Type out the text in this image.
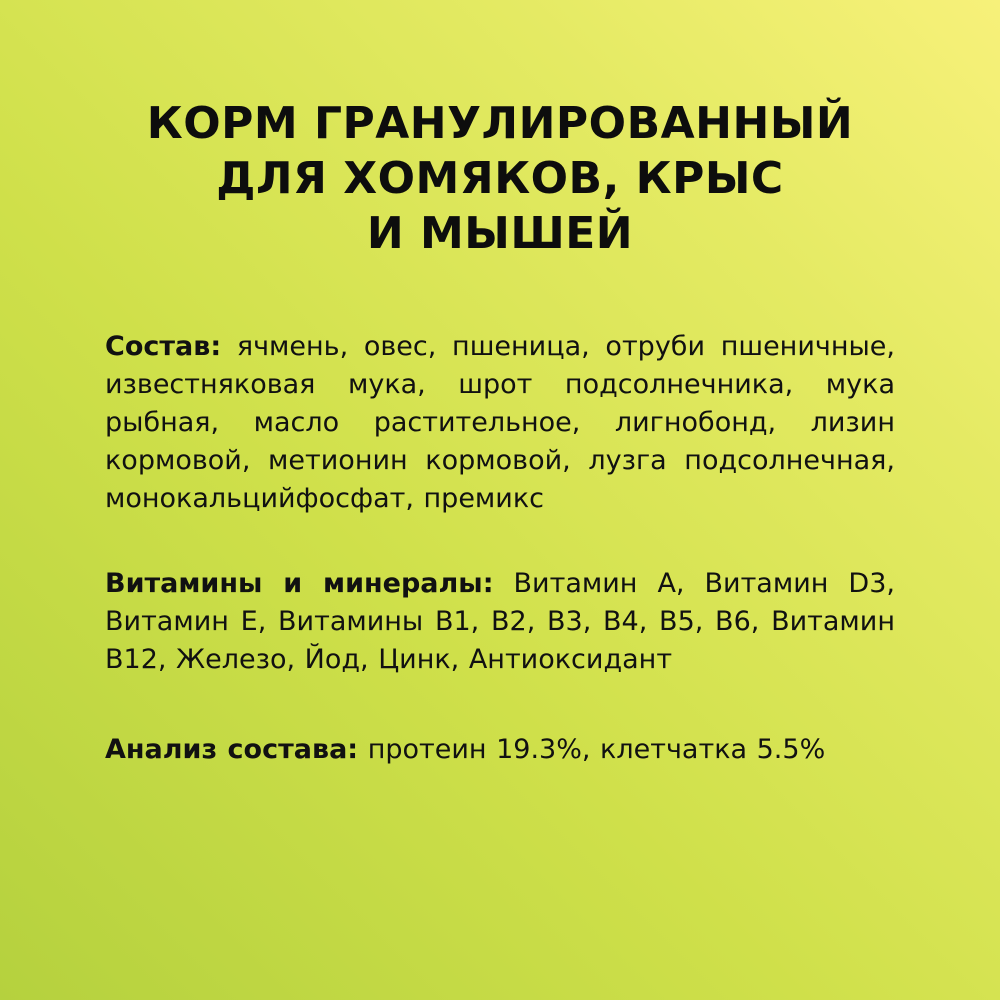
КОРМ ГРАНУЛИРОВАННЫЙ
ДЛЯ ХОМЯКОВ, КРЫС
И МЫШЕЙ

Состав: ячмень, овес, пшеница, отруби пшеничные, известняковая мука, шрот подсолнечника, мука рыбная, масло растительное, лигнобонд, лизин кормовой, метионин кормовой, лузга подсолнечная, монокальцийфосфат, премикс

Витамины и минералы: Витамин А, Витамин D3, Витамин Е, Витамины В1, В2, В3, В4, В5, В6, Витамин В12, Железо, Йод, Цинк, Антиоксидант

Анализ состава: протеин 19.3%, клетчатка 5.5%
